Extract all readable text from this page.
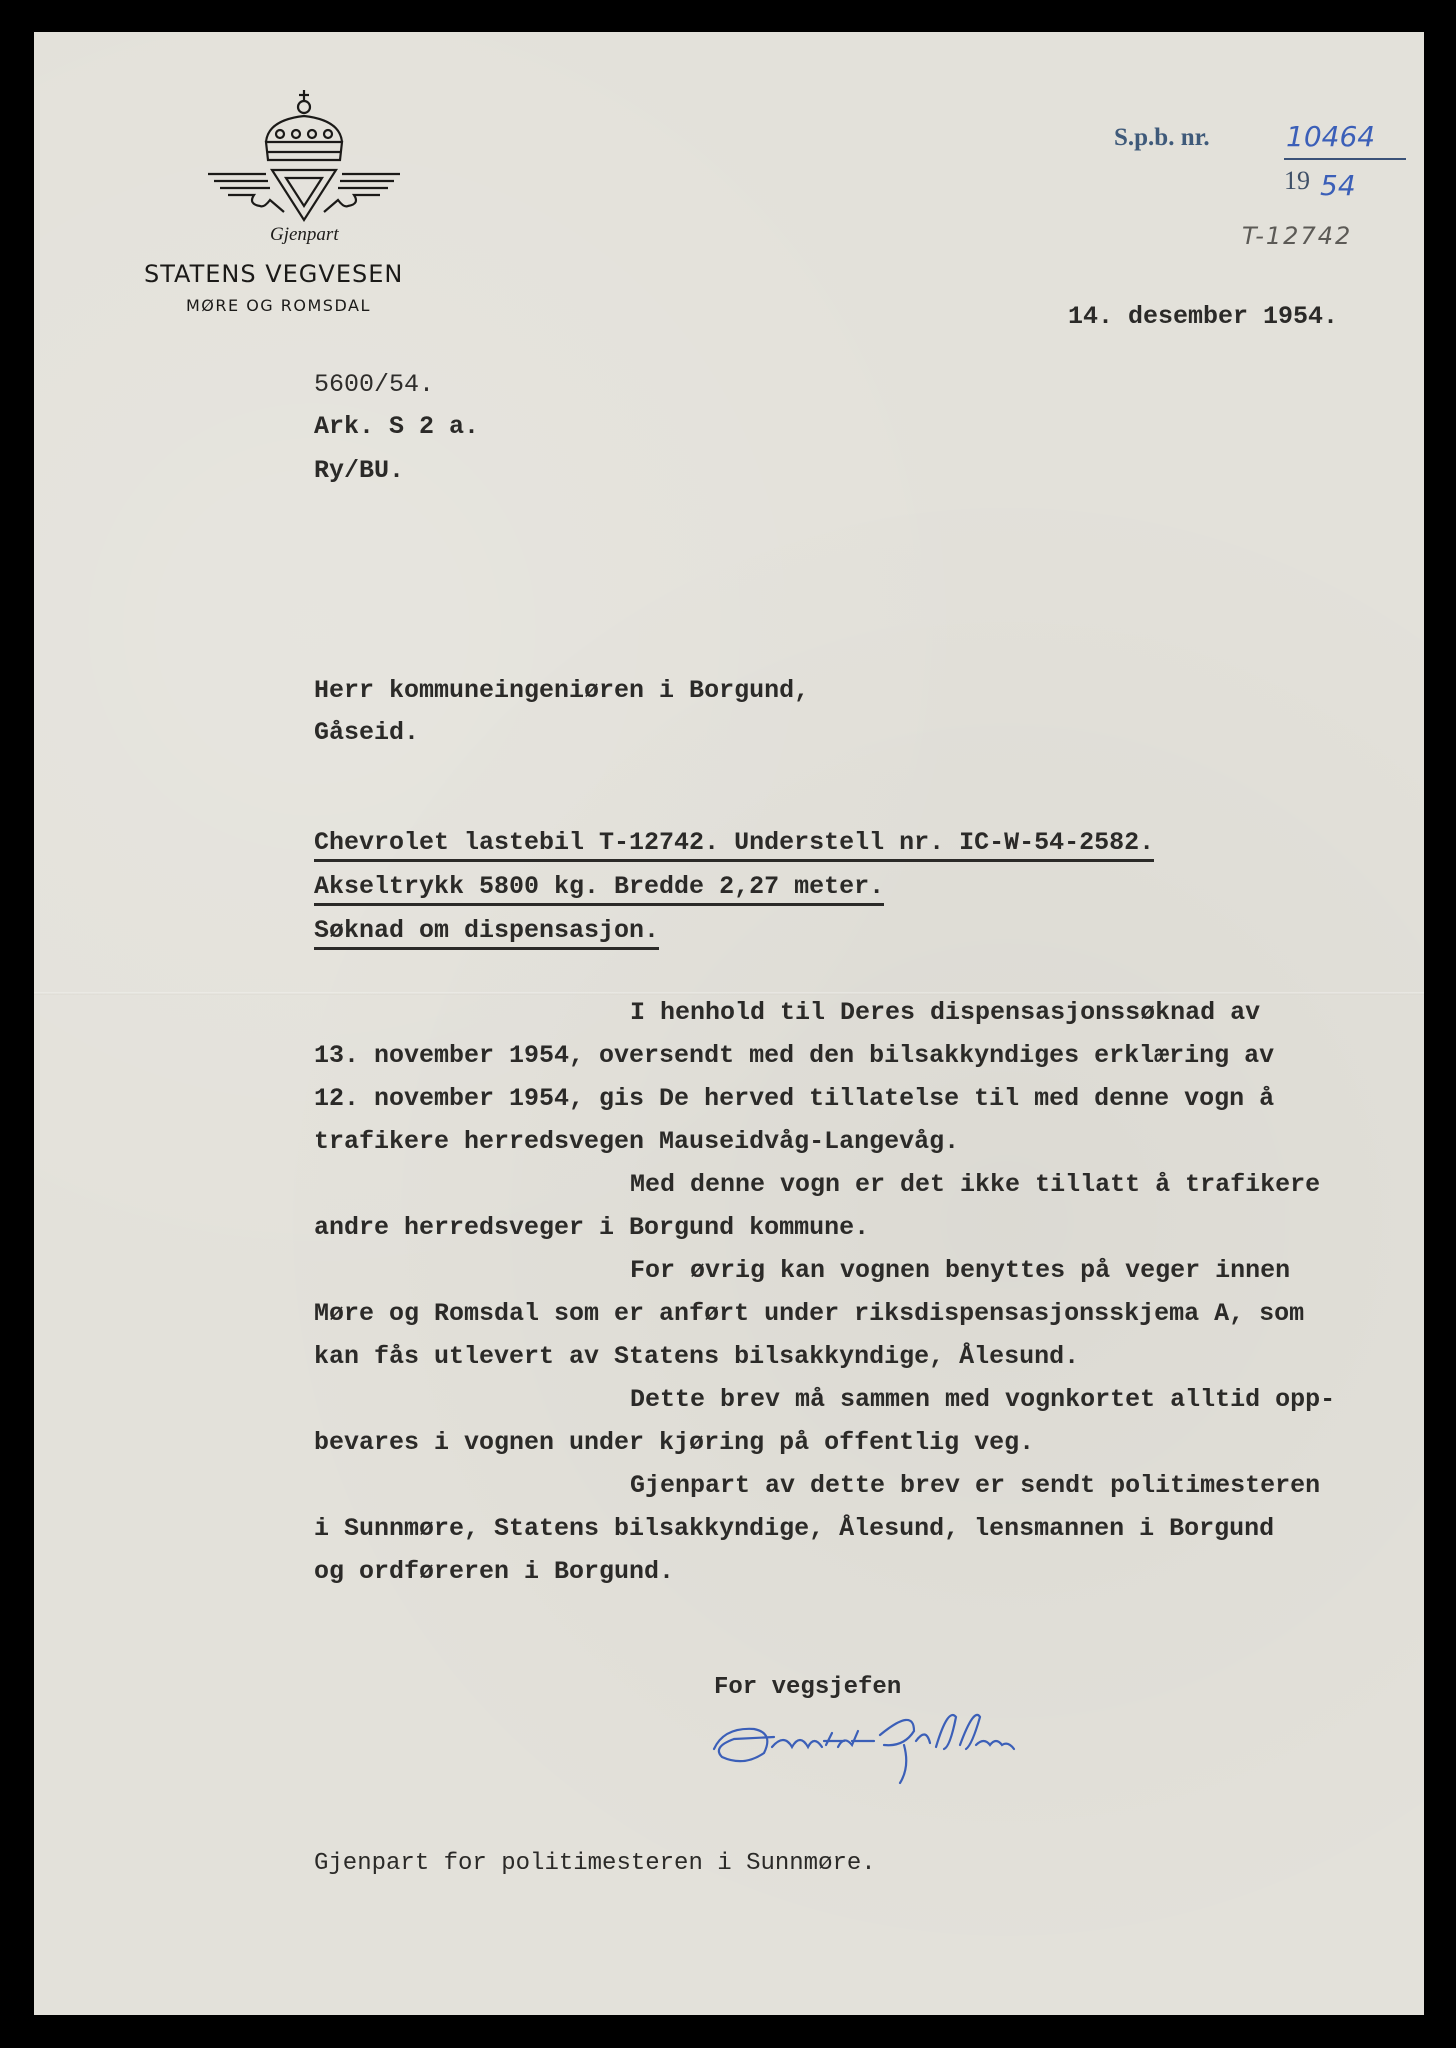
Gjenpart
STATENS VEGVESEN
MØRE OG ROMSDAL
S.p.b. nr.	10464
19 54
T-12742
14. desember 1954.
5600/54.
Ark. S 2 a.
Ry/BU.
Herr kommuneingeniøren i Borgund,
Gåseid.
Chevrolet lastebil T-12742. Understell nr. IC-W-54-2582.
Akseltrykk 5800 kg. Bredde 2,27 meter.
Søknad om dispensasjon.
I henhold til Deres dispensasjonssøknad av
13. november 1954, oversendt med den bilsakkyndiges erklæring av
12. november 1954, gis De herved tillatelse til med denne vogn å
trafikere herredsvegen Mauseidvåg-Langevåg.
Med denne vogn er det ikke tillatt å trafikere
andre herredsveger i Borgund kommune.
For øvrig kan vognen benyttes på veger innen
Møre og Romsdal som er anført under riksdispensasjonsskjema A, som
kan fås utlevert av Statens bilsakkyndige, Ålesund.
Dette brev må sammen med vognkortet alltid opp-
bevares i vognen under kjøring på offentlig veg.
Gjenpart av dette brev er sendt politimesteren
i Sunnmøre, Statens bilsakkyndige, Ålesund, lensmannen i Borgund
og ordføreren i Borgund.
For vegsjefen
Gjenpart for politimesteren i Sunnmøre.
